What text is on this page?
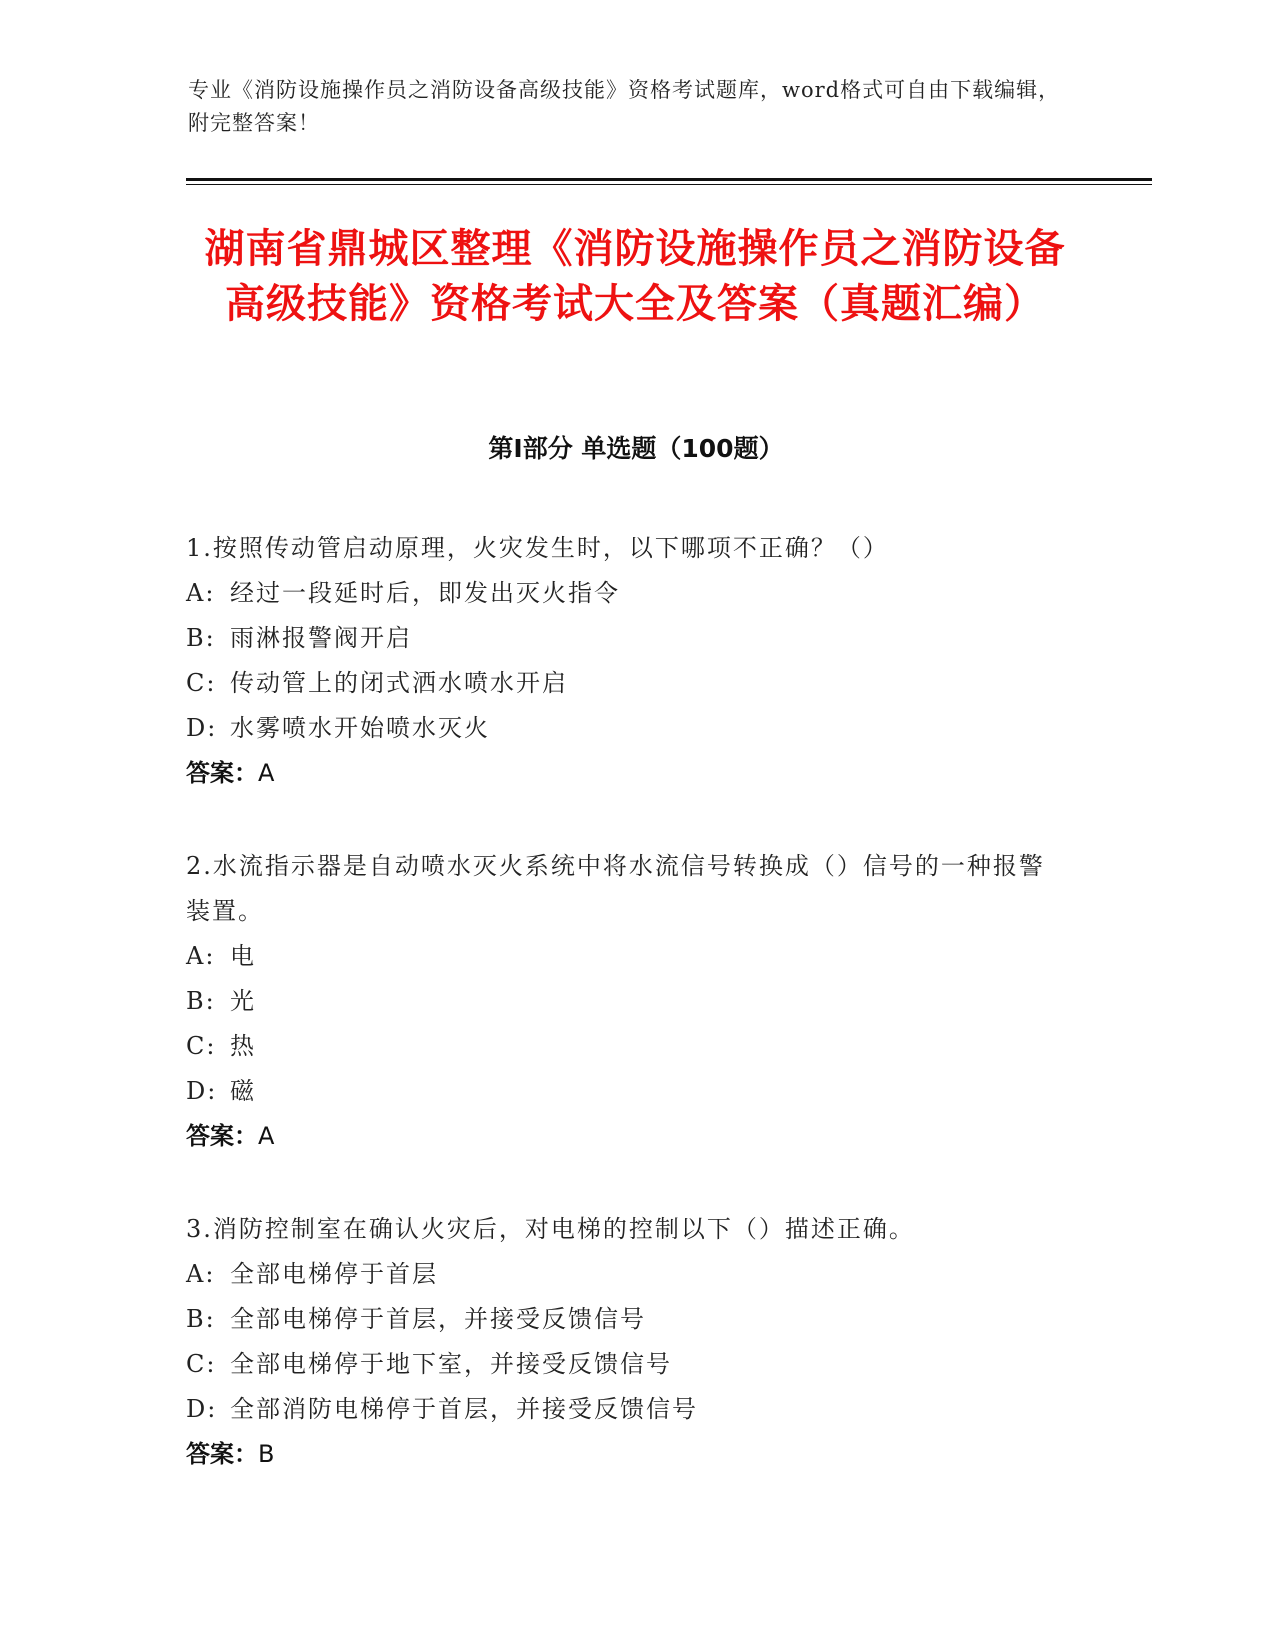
专业《消防设施操作员之消防设备高级技能》资格考试题库，word格式可自由下载编辑，附完整答案！
湖南省鼎城区整理《消防设施操作员之消防设备高级技能》资格考试大全及答案（真题汇编）
第Ⅰ部分 单选题（100题）
1.按照传动管启动原理，火灾发生时，以下哪项不正确？（）
A: 经过一段延时后，即发出灭火指令
B: 雨淋报警阀开启
C: 传动管上的闭式洒水喷水开启
D: 水雾喷水开始喷水灭火
答案：A
2.水流指示器是自动喷水灭火系统中将水流信号转换成（）信号的一种报警装置。
A: 电
B: 光
C: 热
D: 磁
答案：A
3.消防控制室在确认火灾后，对电梯的控制以下（）描述正确。
A: 全部电梯停于首层
B: 全部电梯停于首层，并接受反馈信号
C: 全部电梯停于地下室，并接受反馈信号
D: 全部消防电梯停于首层，并接受反馈信号
答案：B
